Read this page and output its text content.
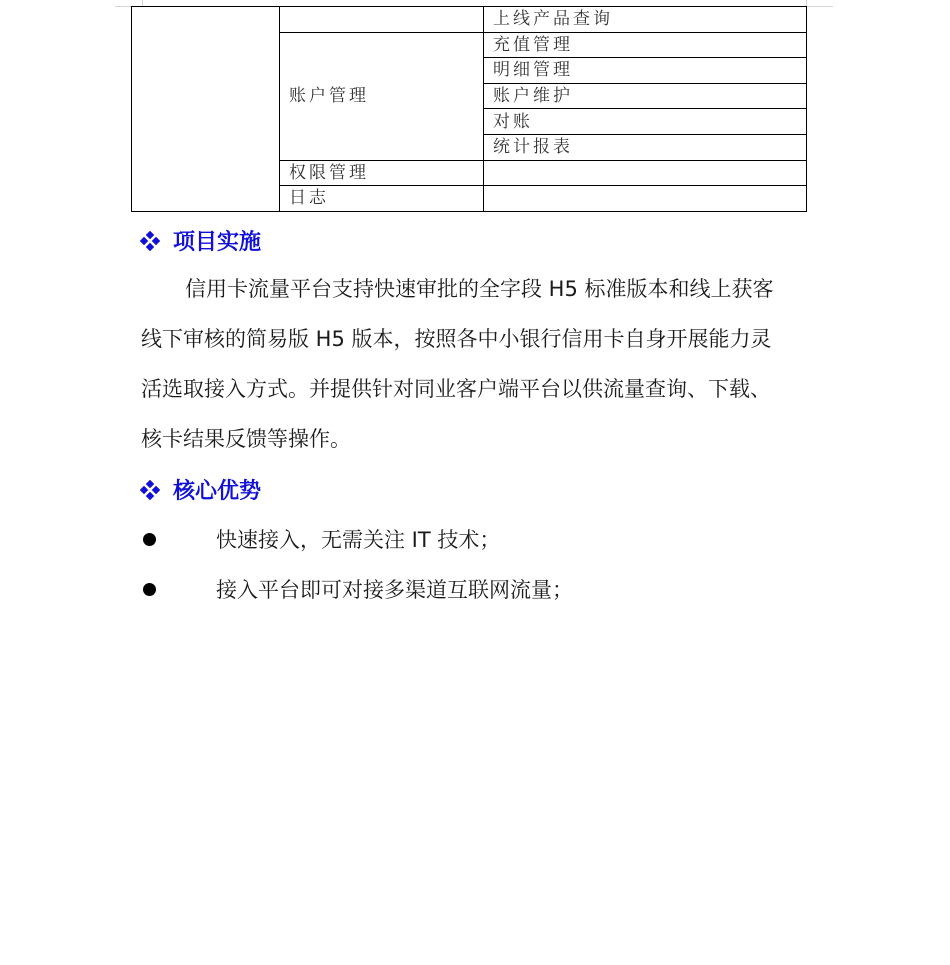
		上线产品查询
	账户管理	充值管理
		明细管理
		账户维护
		对账
		统计报表
	权限管理	
	日志	
项目实施
信用卡流量平台支持快速审批的全字段 H5 标准版本和线上获客
线下审核的简易版 H5 版本，按照各中小银行信用卡自身开展能力灵
活选取接入方式。并提供针对同业客户端平台以供流量查询、下载、
核卡结果反馈等操作。
核心优势
快速接入，无需关注 IT 技术；
接入平台即可对接多渠道互联网流量；
